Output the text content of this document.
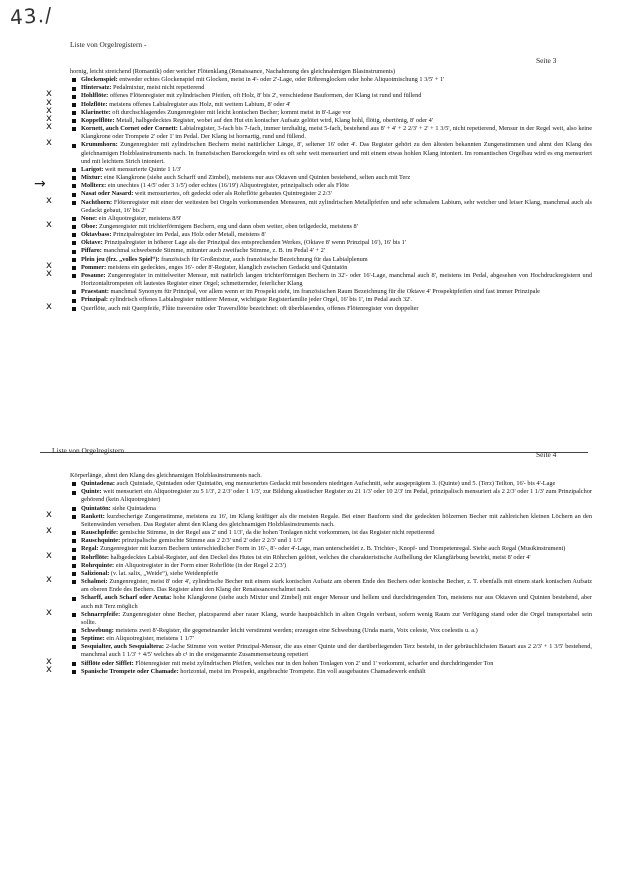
43./
Liste von Orgelregistern -
Seite 3
hornig, leicht streichend (Romantik) oder weicher Flötenklang (Renaissance, Nachahmung des gleichnahmigen Blasinstruments)
Glockenspiel: entweder echtes Glockenspiel mit Glocken, meist in 4'- oder 2'-Lage, oder Röhrenglocken oder hohe Aliquotmischung 1 3/5' + 1'
Hintersatz: Pedalmixtur, meist nicht repetierend
x	Hohlflöte: offenes Flötenregister mit zylindrischen Pfeifen, oft Holz, 8' bis 2', verschiedene Bauformen, der Klang ist rund und füllend
x	Holzflöte: meistens offenes Labialregister aus Holz, mit weitem Labium, 8' oder 4'
x	Klarinette: oft durchschlagendes Zungenregister mit leicht konischen Becher; kommt meist in 8'-Lage vor
x	Koppelflöte: Metall, halbgedecktes Register, wobei auf den Hut ein konischer Aufsatz gelötet wird, Klang hohl, flötig, obertönig, 8' oder 4'
x	Kornett, auch Cornet oder Cornett: Labialregister, 3-fach bis 7-fach, immer terzhaltig, meist 5-fach, bestehend aus 8' + 4' + 2 2/3' + 2' + 1 3/5', nicht repetierend, Mensur in der Regel weit, also keine Klangkrone oder Trompete 2' oder 1' im Pedal. Der Klang ist hornartig, rund und füllend.
x	Krummhorn: Zungenregister mit zylindrischen Bechern meist natürlicher Länge, 8', seltener 16' oder 4'. Das Register gehört zu den ältesten bekannten Zungenstimmen und ahmt den Klang des gleichnamigen Holzblasinstruments nach. In französischen Barockorgeln wird es oft sehr weit mensuriert und mit einem etwas hohlen Klang intoniert. Im romantischen Orgelbau wird es eng mensuriert und mit leichtem Strich intoniert.
Larigot: weit mensurierte Quinte 1 1/3'
Mixtur: eine Klangkrone (siehe auch Scharff und Zimbel), meistens nur aus Oktaven und Quinten bestehend, selten auch mit Terz
Mollterz: ein unechtes (1 4/5' oder 3 1/5') oder echtes (16/19') Aliquotregister, prinzipalisch oder als Flöte
Nasat oder Nasard: weit mensuriertes, oft gedeckt oder als Rohrflöte gebautes Quintregister 2 2/3'
x	Nachthorn: Flötenregister mit einer der weitesten bei Orgeln vorkommenden Mensuren, mit zylindrischen Metallpfeifen und sehr schmalem Labium, sehr weicher und leiser Klang, manchmal auch als Gedackt gebaut, 16' bis 2'
None: ein Aliquotregister, meistens 8/9'
x	Oboe: Zungenregister mit trichterförmigem Bechern, eng und dann oben weiter, oben teilgedeckt, meistens 8'
Oktavbass: Prinzipalregister im Pedal, aus Holz oder Metall, meistens 8'
Oktave: Prinzipalregister in höherer Lage als der Prinzipal des entsprechenden Werkes, (Oktave 8' wenn Prinzipal 16'), 16' bis 1'
Piffaro: manchmal schwebende Stimme, mitunter auch zweifache Stimme, z. B. im Pedal 4' + 2'
Plein jeu (frz. „volles Spiel“): französisch für Großmixtur, auch französische Bezeichnung für das Labialplenum
x	Pommer: meistens ein gedecktes, enges 16'- oder 8'-Register, klanglich zwischen Gedackt und Quintatön
x	Posaune: Zungenregister in mittelweiter Mensur, mit natürlich langen trichterförmigen Bechern in 32'- oder 16'-Lage, manchmal auch 8', meistens im Pedal, abgesehen von Hochdruckregistern und Horizontaltrompeten oft lautestes Register einer Orgel; schmetternder, feierlicher Klang
Praestant: manchmal Synonym für Prinzipal, vor allem wenn er im Prospekt steht, im französischen Raum Bezeichnung für die Oktave 4' Prospektpfeifen sind fast immer Prinzipale
Prinzipal: zylindrisch offenes Labialregister mittlerer Mensur, wichtigste Registerfamilie jeder Orgel, 16' bis 1', im Pedal auch 32'.
x	Querflöte, auch mit Querpfeife, Flûte traversière oder Traversflöte bezeichnet: oft überblasendes, offenes Flötenregister von doppelter
→
Liste von Orgelregistern	Seite 4
Körperlänge, ahmt den Klang des gleichnamigen Holzblasinstruments nach.
Quintadena: auch Quintade, Quintaden oder Quintatön, eng mensuriertes Gedackt mit besonders niedrigen Aufschnitt, sehr ausgeprägtem 3. (Quinte) und 5. (Terz) Teilton, 16'- bis 4'-Lage
Quinte: weit mensuriert ein Aliquotregister zu 5 1/3', 2 2/3' oder 1 1/3', zur Bildung akustischer Register zu 21 1/3' oder 10 2/3' im Pedal, prinzipalisch mensuriert als 2 2/3' oder 1 1/3' zum Prinzipalchor gehörend (kein Aliquotregister)
Quintatön: siehe Quintadena
x	Rankett: kurzbecherige Zungenstimme, meistens zu 16', im Klang kräftiger als die meisten Regale. Bei einer Bauform sind die gedeckten hölzernen Becher mit zahlreichen kleinen Löchern an den Seitenwänden versehen. Das Register ahmt den Klang des gleichnamigen Holzblasinstruments nach.
x	Rauschpfeife: gemischte Stimme, in der Regel aus 2' und 1 1/3', da die hohen Tonlagen nicht vorkommen, ist das Register nicht repetierend
Rauschquinte: prinzipalische gemischte Stimme aus 2 2/3' und 2' oder 2 2/3' und 1 1/3'
Regal: Zungenregister mit kurzen Bechern unterschiedlicher Form in 16'-, 8'- oder 4'-Lage, man unterscheidet z. B. Trichter-, Knopf- und Trompetenregal. Siehe auch Regal (Musikinstrument)
x	Rohrflöte: halbgedecktes Labial-Register, auf den Deckel des Hutes ist ein Röhrchen gelötet, welches die charakteristische Aufhellung der Klangfärbung bewirkt, meist 8' oder 4'
Rohrquinte: ein Aliquotregister in der Form einer Rohrflöte (in der Regel 2 2/3')
Salizional: (v. lat. salix, „Weide“), siehe Weidenpfeife
x	Schalmei: Zungenregister, meist 8' oder 4', zylindrische Becher mit einem stark konischen Aufsatz am oberen Ende des Bechers oder konische Becher, z. T. ebenfalls mit einem stark konischen Aufsatz am oberen Ende des Bechers. Das Register ahmt den Klang der Renaissanceschalmei nach.
Scharff, auch Scharf oder Acuta: hohe Klangkrone (siehe auch Mixtur und Zimbel) mit enger Mensur und hellem und durchdringenden Ton, meistens nur aus Oktaven und Quinten bestehend, aber auch mit Terz möglich
x	Schnarrpfeife: Zungenregister ohne Becher, platzsparend aber rauer Klang, wurde hauptsächlich in alten Orgeln verbaut, sofern wenig Raum zur Verfügung stand oder die Orgel transportabel sein sollte.
Schwebung: meistens zwei 8'-Register, die gegeneinander leicht verstimmt werden; erzeugen eine Schwebung (Unda maris, Voix celeste, Vox coelestis u. a.)
Septime: ein Aliquotregister, meistens 1 1/7'
Sesquialter, auch Sesquialtera: 2-fache Stimme von weiter Prinzipal-Mensur, die aus einer Quinte und der darüberliegenden Terz besteht, in der gebräuchlichsten Bauart aus 2 2/3' + 1 3/5' bestehend, manchmal auch 1 1/3' + 4/5' welches ab c¹ in die erstgenannte Zusammensetzung repetiert
x	Sifflöte oder Sifflet: Flötenregister mit meist zylindrischen Pfeifen, welches nur in den hohen Tonlagen von 2' und 1' vorkommt, scharfer und durchdringender Ton
x	Spanische Trompete oder Chamade: horizontal, meist im Prospekt, angebrachte Trompete. Ein voll ausgebautes Chamadewerk enthält
